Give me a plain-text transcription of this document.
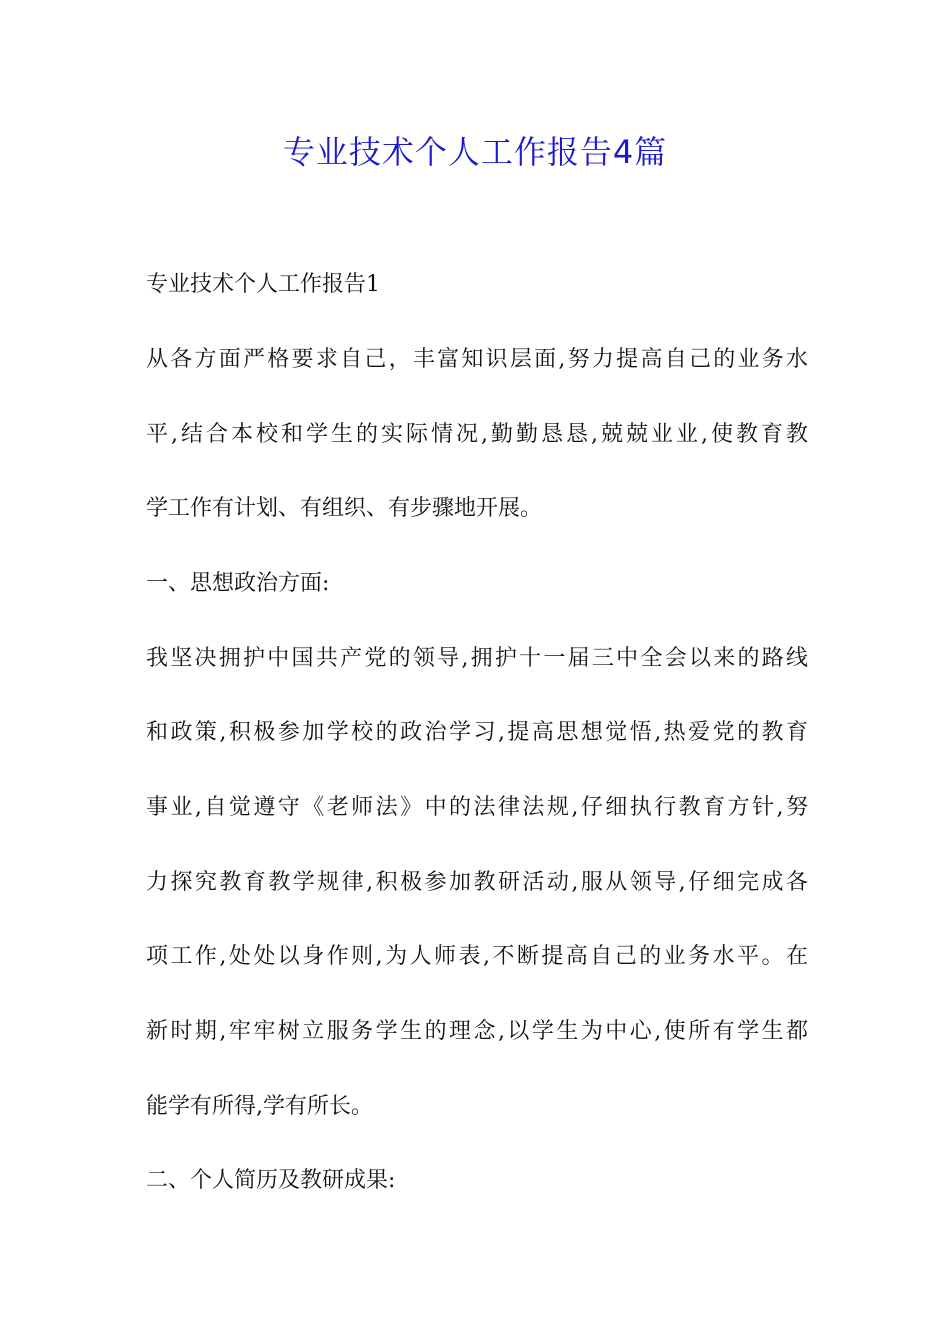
专业技术个人工作报告4篇

专业技术个人工作报告1

从各方面严格要求自己，丰富知识层面,努力提高自己的业务水

平,结合本校和学生的实际情况,勤勤恳恳,兢兢业业,使教育教

学工作有计划、有组织、有步骤地开展。

一、思想政治方面:

我坚决拥护中国共产党的领导,拥护十一届三中全会以来的路线

和政策,积极参加学校的政治学习,提高思想觉悟,热爱党的教育

事业,自觉遵守《老师法》中的法律法规,仔细执行教育方针,努

力探究教育教学规律,积极参加教研活动,服从领导,仔细完成各

项工作,处处以身作则,为人师表,不断提高自己的业务水平。在

新时期,牢牢树立服务学生的理念,以学生为中心,使所有学生都

能学有所得,学有所长。

二、个人简历及教研成果:
